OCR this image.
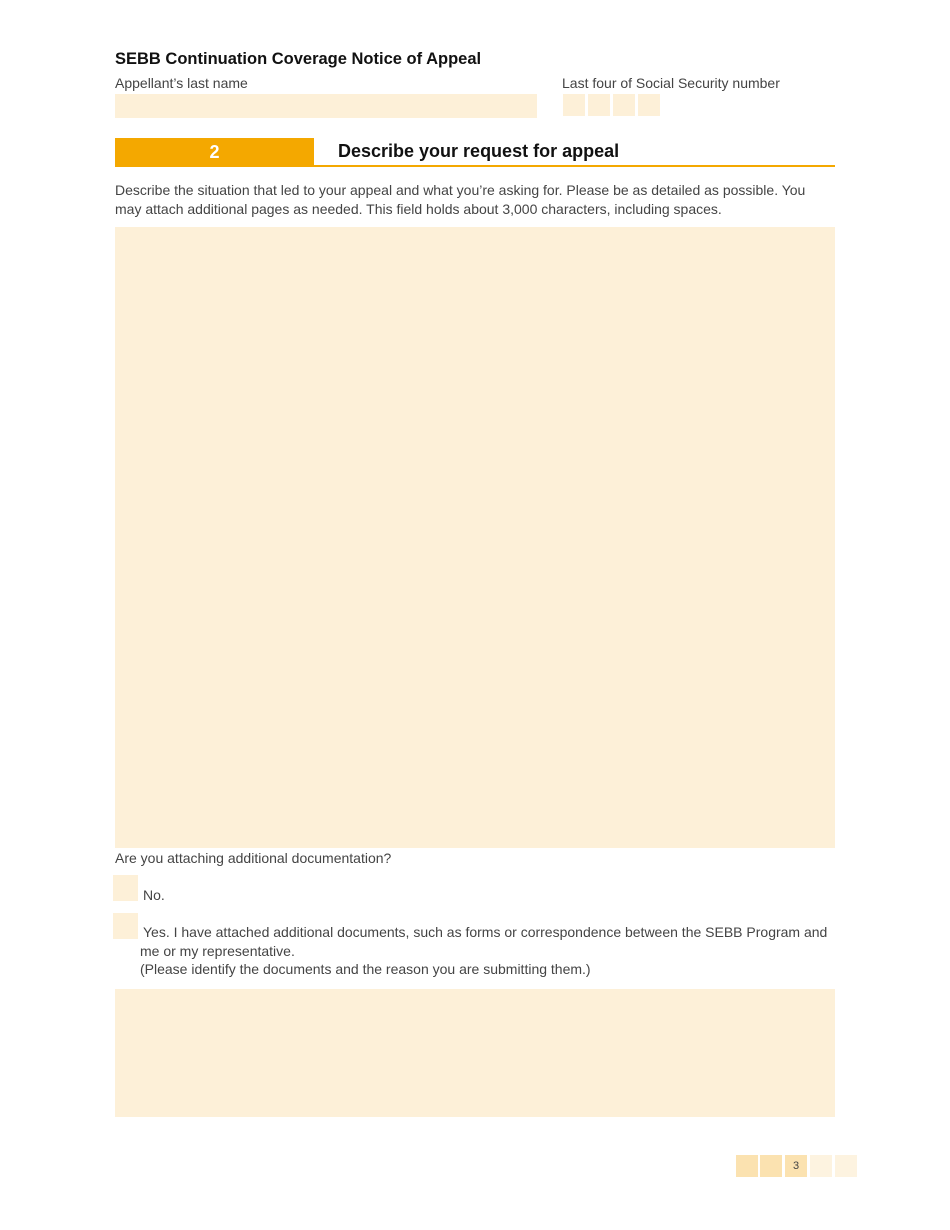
SEBB Continuation Coverage Notice of Appeal
Appellant’s last name	Last four of Social Security number
2	Describe your request for appeal
Describe the situation that led to your appeal and what you’re asking for. Please be as detailed as possible. You may attach additional pages as needed. This field holds about 3,000 characters, including spaces.
Are you attaching additional documentation?
No.
Yes. I have attached additional documents, such as forms or correspondence between the SEBB Program and
me or my representative.
(Please identify the documents and the reason you are submitting them.)
3
